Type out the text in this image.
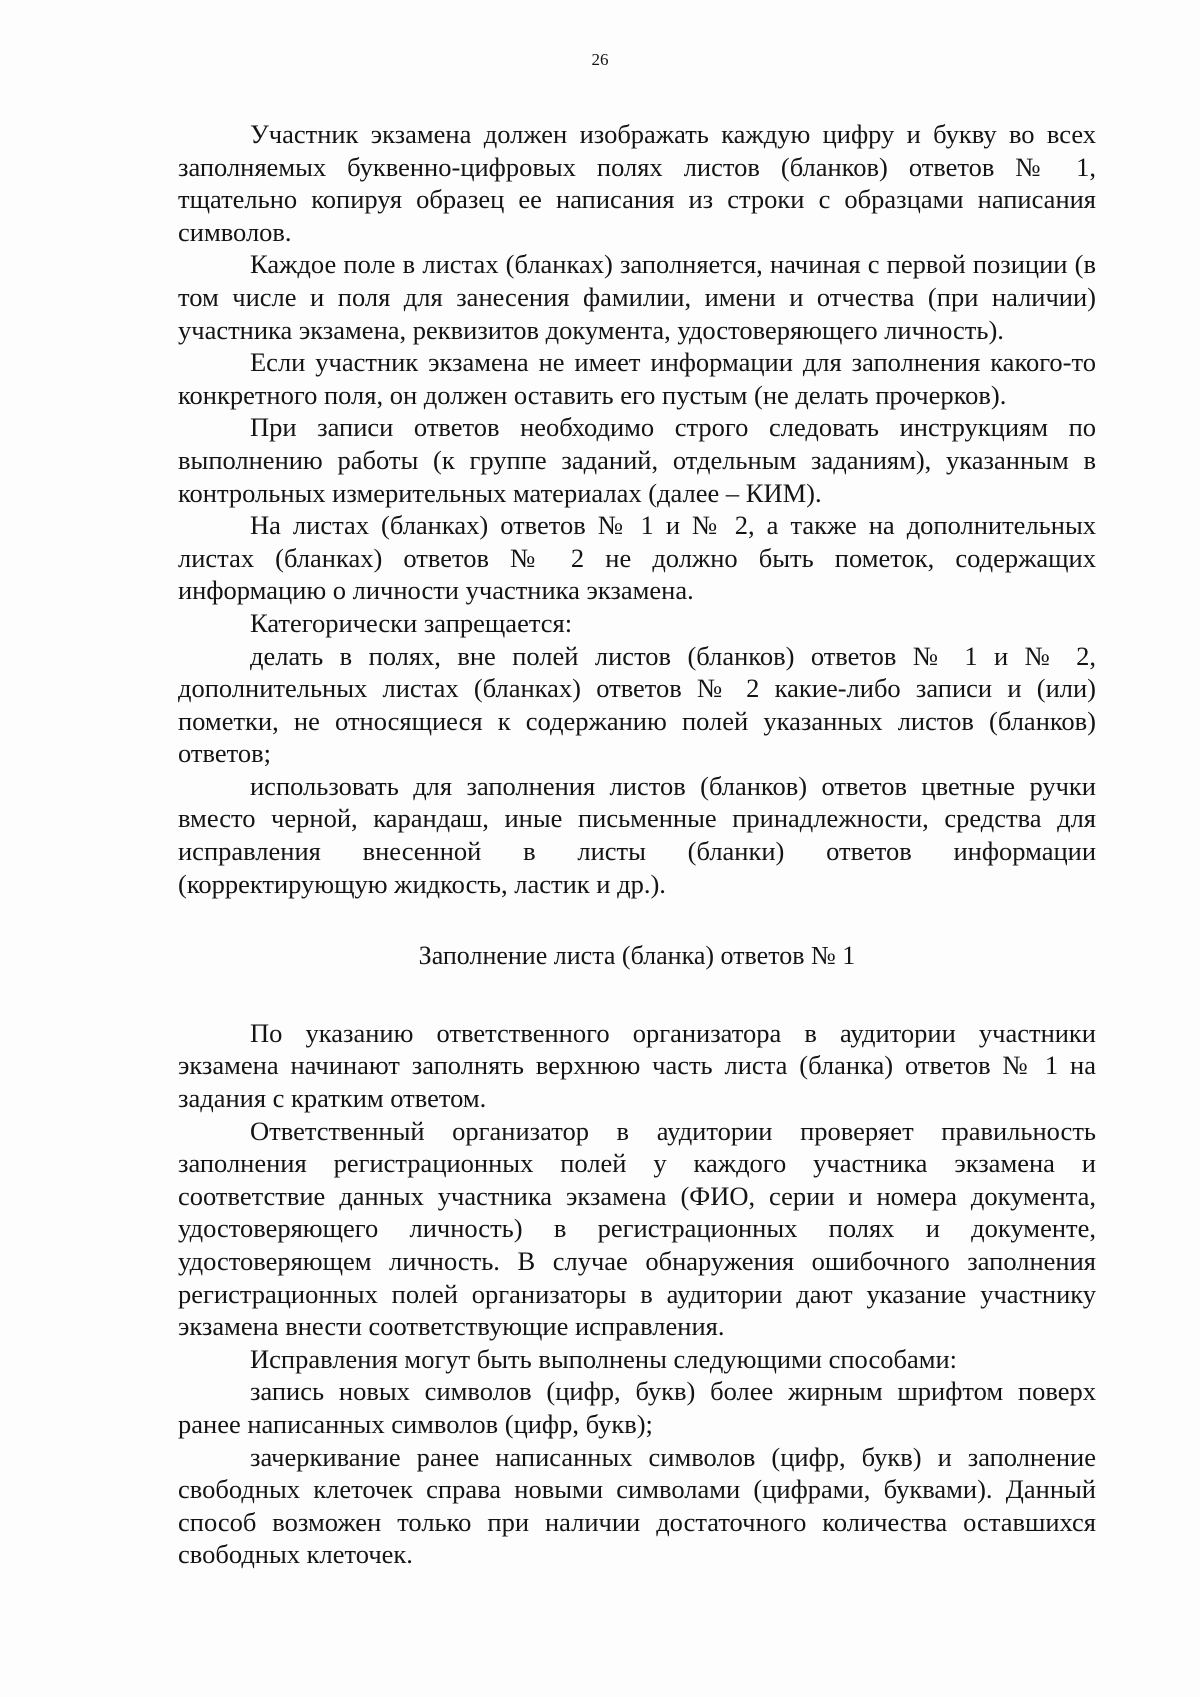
26

Участник экзамена должен изображать каждую цифру и букву во всех заполняемых буквенно-цифровых полях листов (бланков) ответов № 1, тщательно копируя образец ее написания из строки с образцами написания символов.

Каждое поле в листах (бланках) заполняется, начиная с первой позиции (в том числе и поля для занесения фамилии, имени и отчества (при наличии) участника экзамена, реквизитов документа, удостоверяющего личность).

Если участник экзамена не имеет информации для заполнения какого-то конкретного поля, он должен оставить его пустым (не делать прочерков).

При записи ответов необходимо строго следовать инструкциям по выполнению работы (к группе заданий, отдельным заданиям), указанным в контрольных измерительных материалах (далее – КИМ).

На листах (бланках) ответов № 1 и № 2, а также на дополнительных листах (бланках) ответов № 2 не должно быть пометок, содержащих информацию о личности участника экзамена.

Категорически запрещается:

делать в полях, вне полей листов (бланков) ответов № 1 и № 2, дополнительных листах (бланках) ответов № 2 какие-либо записи и (или) пометки, не относящиеся к содержанию полей указанных листов (бланков) ответов;

использовать для заполнения листов (бланков) ответов цветные ручки вместо черной, карандаш, иные письменные принадлежности, средства для исправления внесенной в листы (бланки) ответов информации (корректирующую жидкость, ластик и др.).

Заполнение листа (бланка) ответов № 1

По указанию ответственного организатора в аудитории участники экзамена начинают заполнять верхнюю часть листа (бланка) ответов № 1 на задания с кратким ответом.

Ответственный организатор в аудитории проверяет правильность заполнения регистрационных полей у каждого участника экзамена и соответствие данных участника экзамена (ФИО, серии и номера документа, удостоверяющего личность) в регистрационных полях и документе, удостоверяющем личность. В случае обнаружения ошибочного заполнения регистрационных полей организаторы в аудитории дают указание участнику экзамена внести соответствующие исправления.

Исправления могут быть выполнены следующими способами:

запись новых символов (цифр, букв) более жирным шрифтом поверх ранее написанных символов (цифр, букв);

зачеркивание ранее написанных символов (цифр, букв) и заполнение свободных клеточек справа новыми символами (цифрами, буквами). Данный способ возможен только при наличии достаточного количества оставшихся свободных клеточек.
